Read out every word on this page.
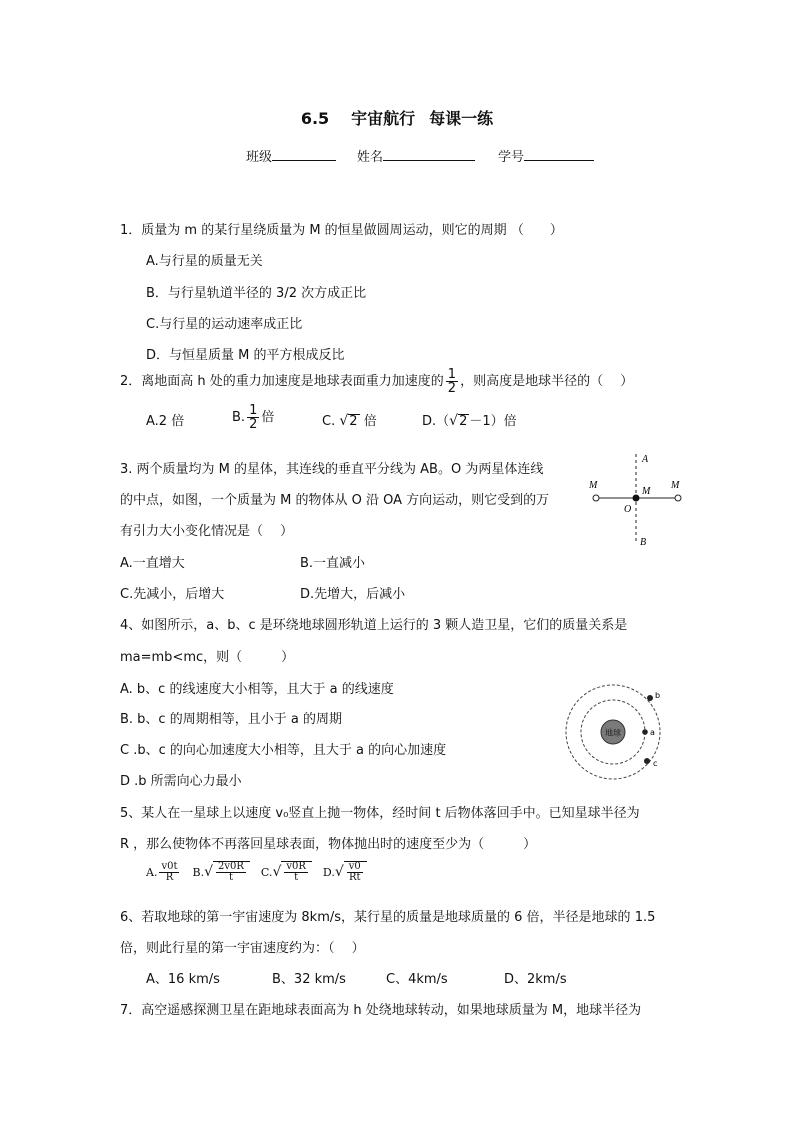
6.5 宇宙航行 每课一练
班级	姓名	学号
1．质量为 m 的某行星绕质量为 M 的恒星做圆周运动，则它的周期 （　　）
A.与行星的质量无关
B．与行星轨道半径的 3/2 次方成正比
C.与行星的运动速率成正比
D．与恒星质量 M 的平方根成反比
2．离地面高 h 处的重力加速度是地球表面重力加速度的 $\frac{1}{2}$ ，则高度是地球半径的（　 ）
A.2 倍	B. $\frac{1}{2}$ 倍	C. √2 倍	D.（√2 －1）倍
3. 两个质量均为 M 的星体，其连线的垂直平分线为 AB。O 为两星体连线
的中点，如图，一个质量为 M 的物体从 O 沿 OA 方向运动，则它受到的万
有引力大小变化情况是（　 ）
A.一直增大	B.一直减小
C.先减小，后增大	D.先增大，后减小
A
B
O
M
M
M
4、如图所示，a、b、c 是环绕地球圆形轨道上运行的 3 颗人造卫星，它们的质量关系是
ma=mb<mc，则（　　　）
A. b、c 的线速度大小相等，且大于 a 的线速度
B. b、c 的周期相等，且小于 a 的周期
C .b、c 的向心加速度大小相等，且大于 a 的向心加速度
D .b 所需向心力最小
地球	a
b
c
5、某人在一星球上以速度 v₀竖直上抛一物体，经时间 t 后物体落回手中。已知星球半径为
R ，那么使物体不再落回星球表面，物体抛出时的速度至少为（　　　）
A. $\frac{v0t}{R} B.√ \frac{2v0R}{t} C.√ \frac{v0R}{t} D.√ \frac{v0}{Rt}$
6、若取地球的第一宇宙速度为 8km/s，某行星的质量是地球质量的 6 倍，半径是地球的 1.5
倍，则此行星的第一宇宙速度约为：（　 ）
A、16 km/s	B、32 km/s	C、4km/s	D、2km/s
7．高空遥感探测卫星在距地球表面高为 h 处绕地球转动，如果地球质量为 M，地球半径为
